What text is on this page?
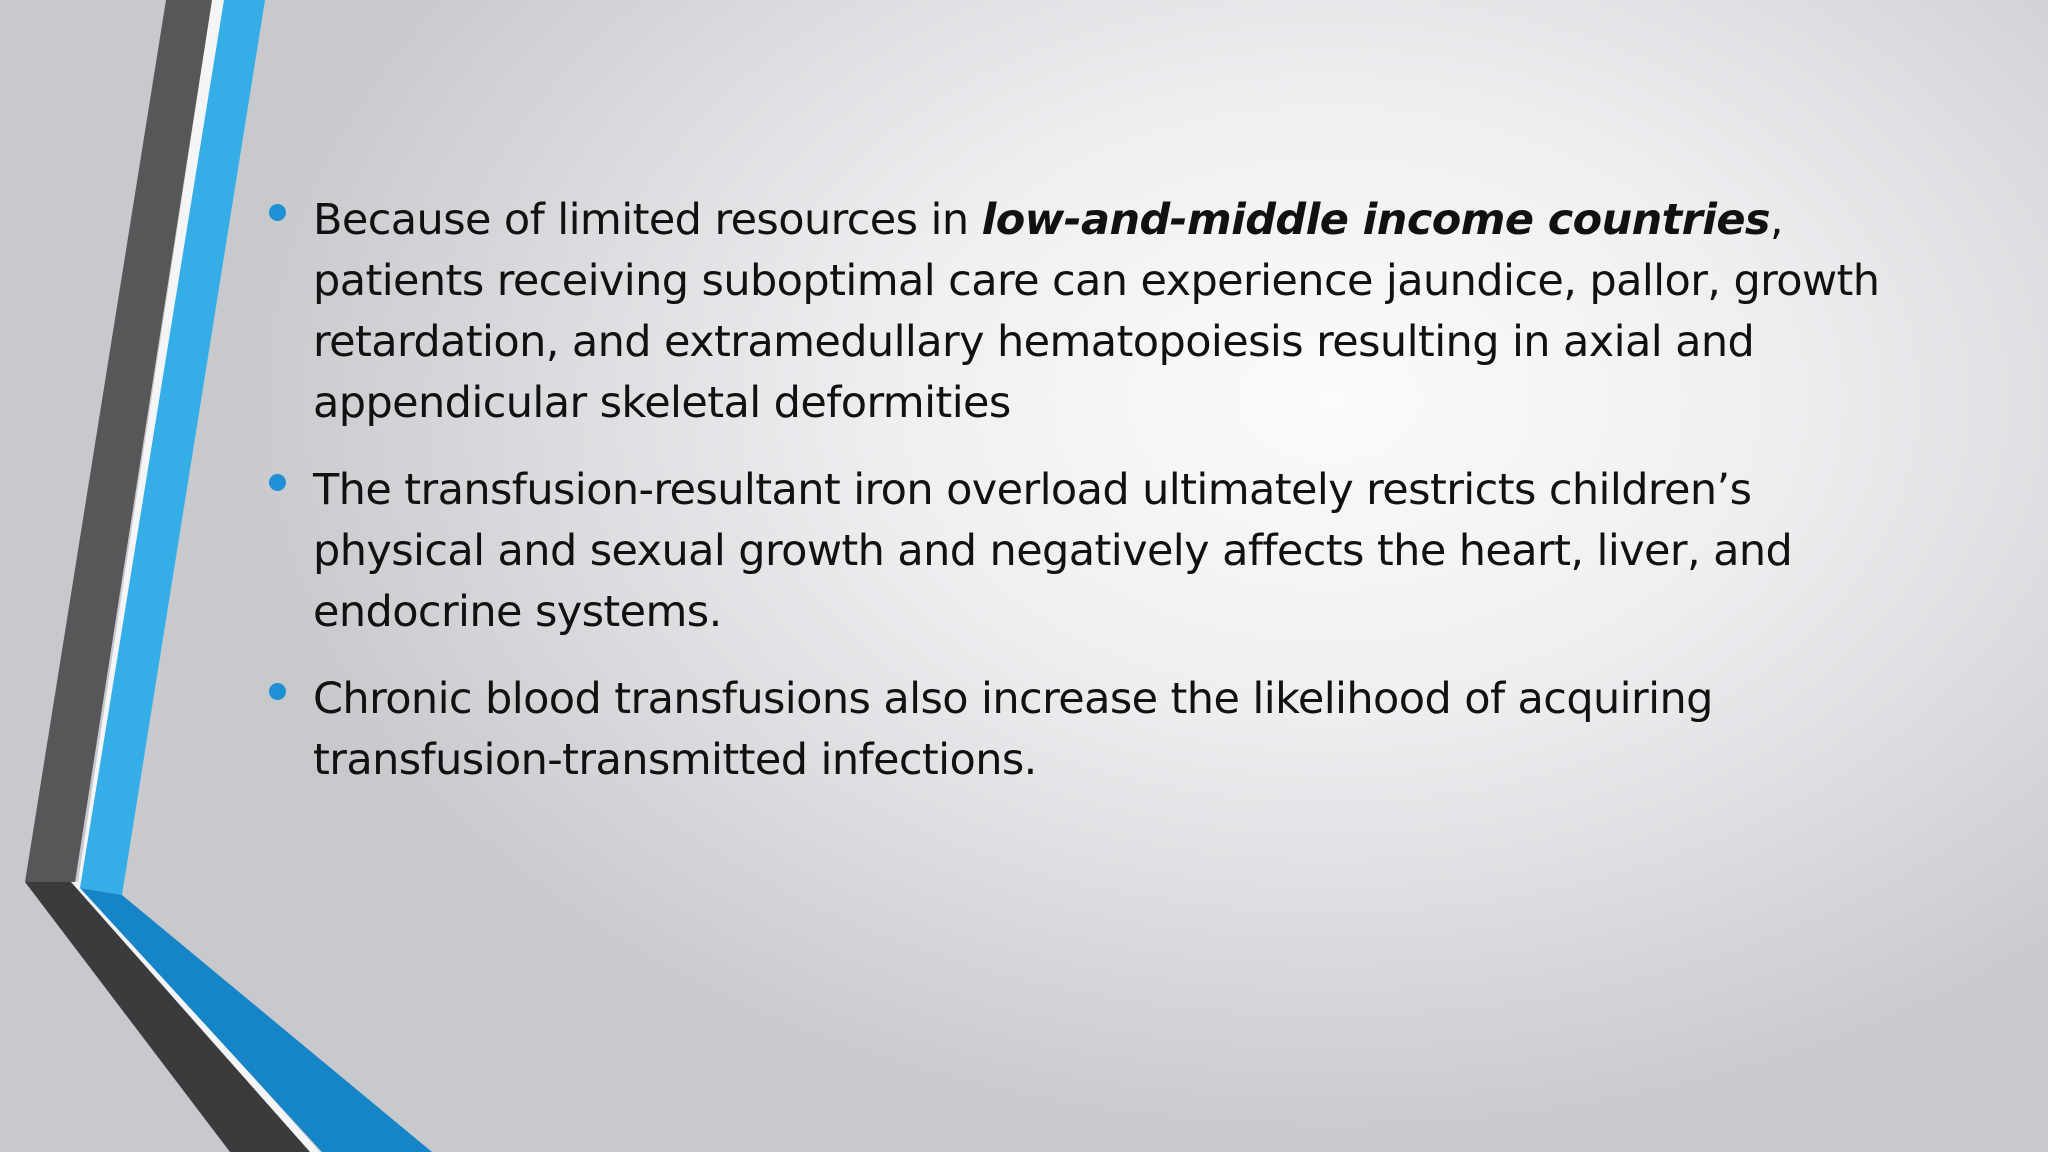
Because of limited resources in low-and-middle income countries, patients receiving suboptimal care can experience jaundice, pallor, growth retardation, and extramedullary hematopoiesis resulting in axial and appendicular skeletal deformities
The transfusion-resultant iron overload ultimately restricts children’s physical and sexual growth and negatively affects the heart, liver, and endocrine systems.
Chronic blood transfusions also increase the likelihood of acquiring transfusion-transmitted infections.
